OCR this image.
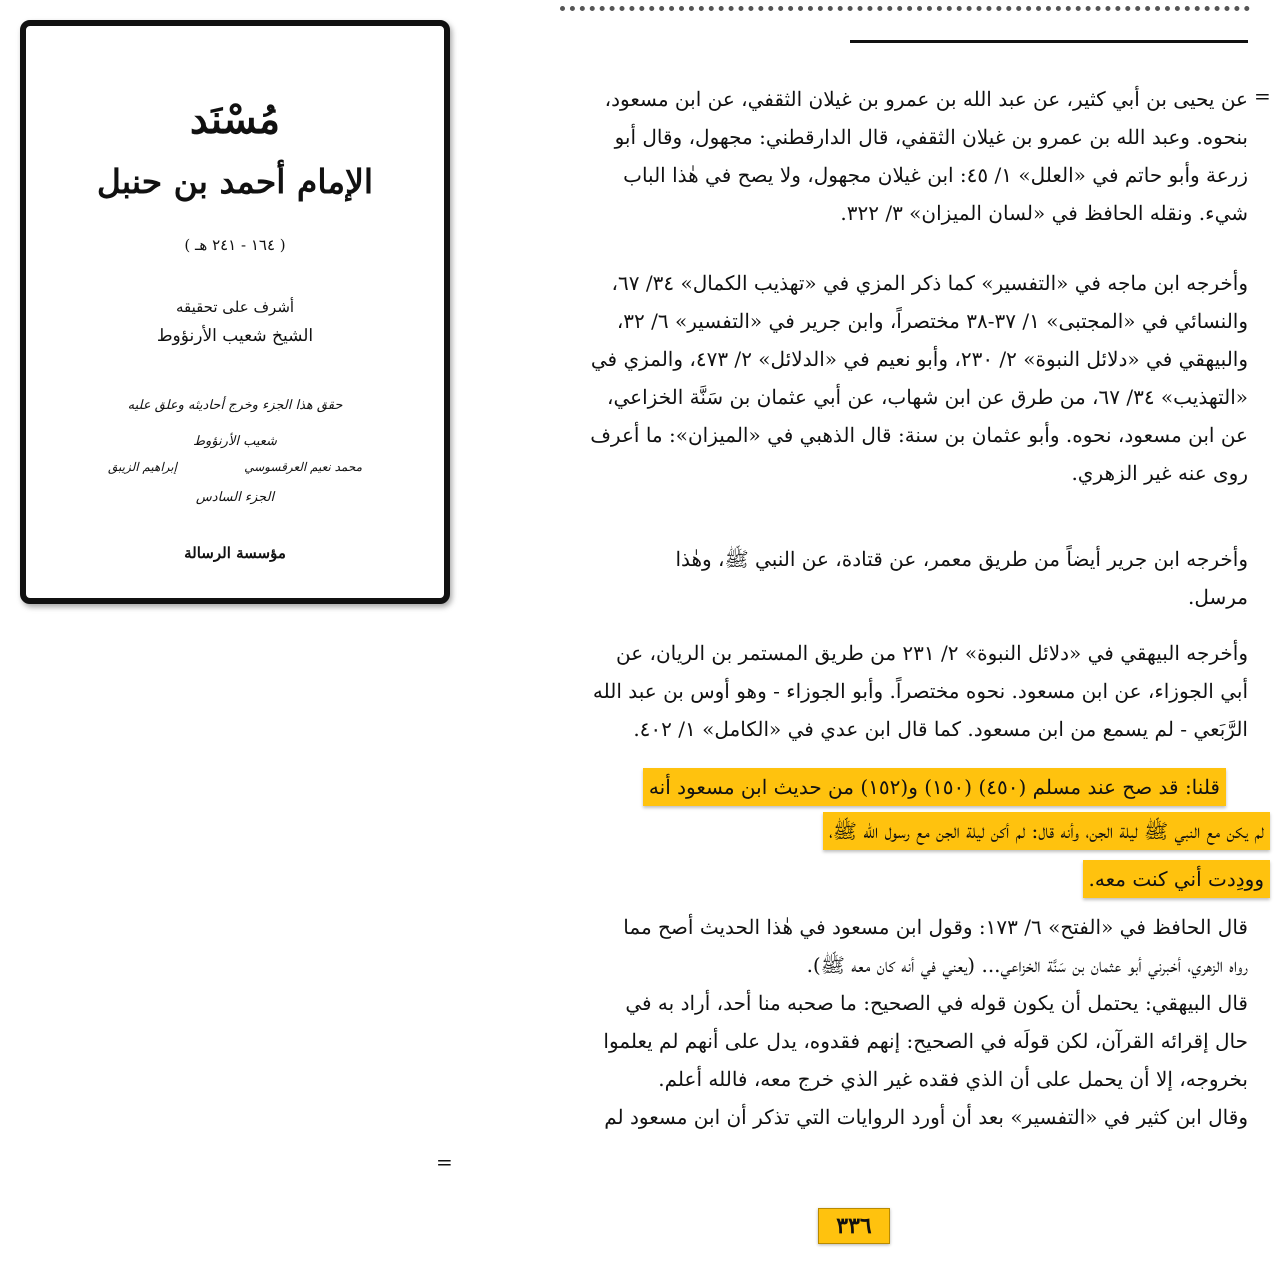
مُسْنَد
الإمام أحمد بن حنبل
( ١٦٤ - ٢٤١ هـ )
أشرف على تحقيقه
الشيخ شعيب الأرنؤوط
حقق هذا الجزء وخرج أحاديثه وعلق عليه
شعيب الأرنؤوط
محمد نعيم العرقسوسي
إبراهيم الزيبق
الجزء السادس
مؤسسة الرسالة
=
=
عن يحيى بن أبي كثير، عن عبد الله بن عمرو بن غيلان الثقفي، عن ابن مسعود،
بنحوه. وعبد الله بن عمرو بن غيلان الثقفي، قال الدارقطني: مجهول، وقال أبو
زرعة وأبو حاتم في «العلل» ١/ ٤٥: ابن غيلان مجهول، ولا يصح في هٰذا الباب
شيء. ونقله الحافظ في «لسان الميزان» ٣/ ٣٢٢.
وأخرجه ابن ماجه في «التفسير» كما ذكر المزي في «تهذيب الكمال» ٣٤/ ٦٧،
والنسائي في «المجتبى» ١/ ٣٧-٣٨ مختصراً، وابن جرير في «التفسير» ٦/ ٣٢،
والبيهقي في «دلائل النبوة» ٢/ ٢٣٠، وأبو نعيم في «الدلائل» ٢/ ٤٧٣، والمزي في
«التهذيب» ٣٤/ ٦٧، من طرق عن ابن شهاب، عن أبي عثمان بن سَنَّة الخزاعي،
عن ابن مسعود، نحوه. وأبو عثمان بن سنة: قال الذهبي في «الميزان»: ما أعرف
روى عنه غير الزهري.
وأخرجه ابن جرير أيضاً من طريق معمر، عن قتادة، عن النبي ﷺ، وهٰذا
مرسل.
وأخرجه البيهقي في «دلائل النبوة» ٢/ ٢٣١ من طريق المستمر بن الريان، عن
أبي الجوزاء، عن ابن مسعود. نحوه مختصراً. وأبو الجوزاء - وهو أوس بن عبد الله
الرَّبَعي - لم يسمع من ابن مسعود. كما قال ابن عدي في «الكامل» ١/ ٤٠٢.
قلنا: قد صح عند مسلم (٤٥٠) (١٥٠) و(١٥٢) من حديث ابن مسعود أنه
لم يكن مع النبي ﷺ ليلة الجن، وأنه قال: لم أكن ليلة الجن مع رسول الله ﷺ،
وودِدت أني كنت معه.
قال الحافظ في «الفتح» ٦/ ١٧٣: وقول ابن مسعود في هٰذا الحديث أصح مما
رواه الزهري، أخبرني أبو عثمان بن سَنَّة الخزاعي... (يعني في أنه كان معه ﷺ).
قال البيهقي: يحتمل أن يكون قوله في الصحيح: ما صحبه منا أحد، أراد به في
حال إقرائه القرآن، لكن قولَه في الصحيح: إنهم فقدوه، يدل على أنهم لم يعلموا
بخروجه، إلا أن يحمل على أن الذي فقده غير الذي خرج معه، فالله أعلم.
وقال ابن كثير في «التفسير» بعد أن أورد الروايات التي تذكر أن ابن مسعود لم
٣٣٦
